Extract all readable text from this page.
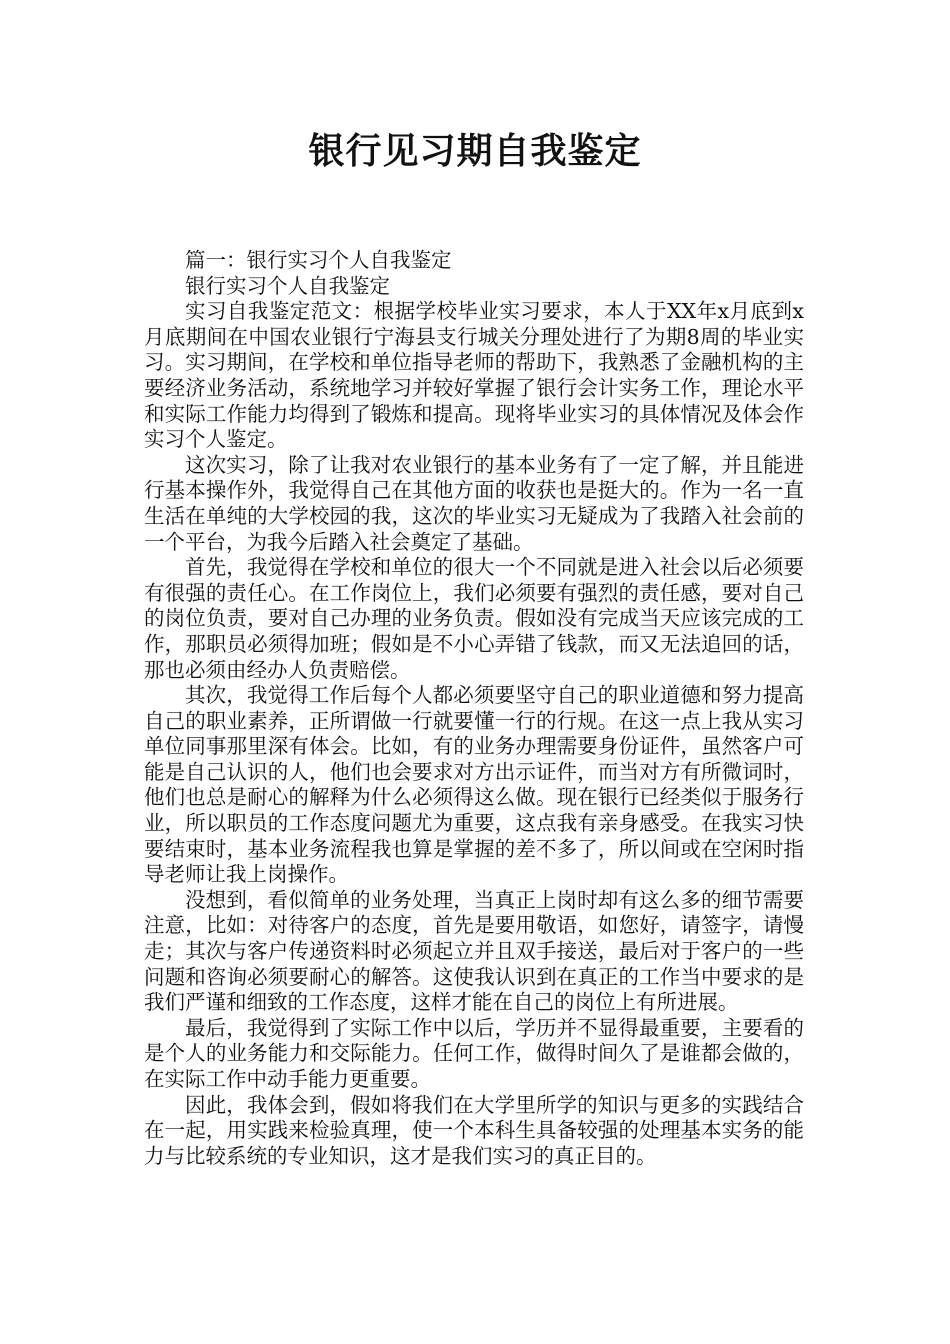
银行见习期自我鉴定

篇一：银行实习个人自我鉴定

银行实习个人自我鉴定

实习自我鉴定范文：根据学校毕业实习要求，本人于XX年x月底到x月底期间在中国农业银行宁海县支行城关分理处进行了为期8周的毕业实习。实习期间，在学校和单位指导老师的帮助下，我熟悉了金融机构的主要经济业务活动，系统地学习并较好掌握了银行会计实务工作，理论水平和实际工作能力均得到了锻炼和提高。现将毕业实习的具体情况及体会作实习个人鉴定。

这次实习，除了让我对农业银行的基本业务有了一定了解，并且能进行基本操作外，我觉得自己在其他方面的收获也是挺大的。作为一名一直生活在单纯的大学校园的我，这次的毕业实习无疑成为了我踏入社会前的一个平台，为我今后踏入社会奠定了基础。

首先，我觉得在学校和单位的很大一个不同就是进入社会以后必须要有很强的责任心。在工作岗位上，我们必须要有强烈的责任感，要对自己的岗位负责，要对自己办理的业务负责。假如没有完成当天应该完成的工作，那职员必须得加班；假如是不小心弄错了钱款，而又无法追回的话，那也必须由经办人负责赔偿。

其次，我觉得工作后每个人都必须要坚守自己的职业道德和努力提高自己的职业素养，正所谓做一行就要懂一行的行规。在这一点上我从实习单位同事那里深有体会。比如，有的业务办理需要身份证件，虽然客户可能是自己认识的人，他们也会要求对方出示证件，而当对方有所微词时，他们也总是耐心的解释为什么必须得这么做。现在银行已经类似于服务行业，所以职员的工作态度问题尤为重要，这点我有亲身感受。在我实习快要结束时，基本业务流程我也算是掌握的差不多了，所以间或在空闲时指导老师让我上岗操作。

没想到，看似简单的业务处理，当真正上岗时却有这么多的细节需要注意，比如：对待客户的态度，首先是要用敬语，如您好，请签字，请慢走；其次与客户传递资料时必须起立并且双手接送，最后对于客户的一些问题和咨询必须要耐心的解答。这使我认识到在真正的工作当中要求的是我们严谨和细致的工作态度，这样才能在自己的岗位上有所进展。

最后，我觉得到了实际工作中以后，学历并不显得最重要，主要看的是个人的业务能力和交际能力。任何工作，做得时间久了是谁都会做的，在实际工作中动手能力更重要。

因此，我体会到，假如将我们在大学里所学的知识与更多的实践结合在一起，用实践来检验真理，使一个本科生具备较强的处理基本实务的能力与比较系统的专业知识，这才是我们实习的真正目的。
